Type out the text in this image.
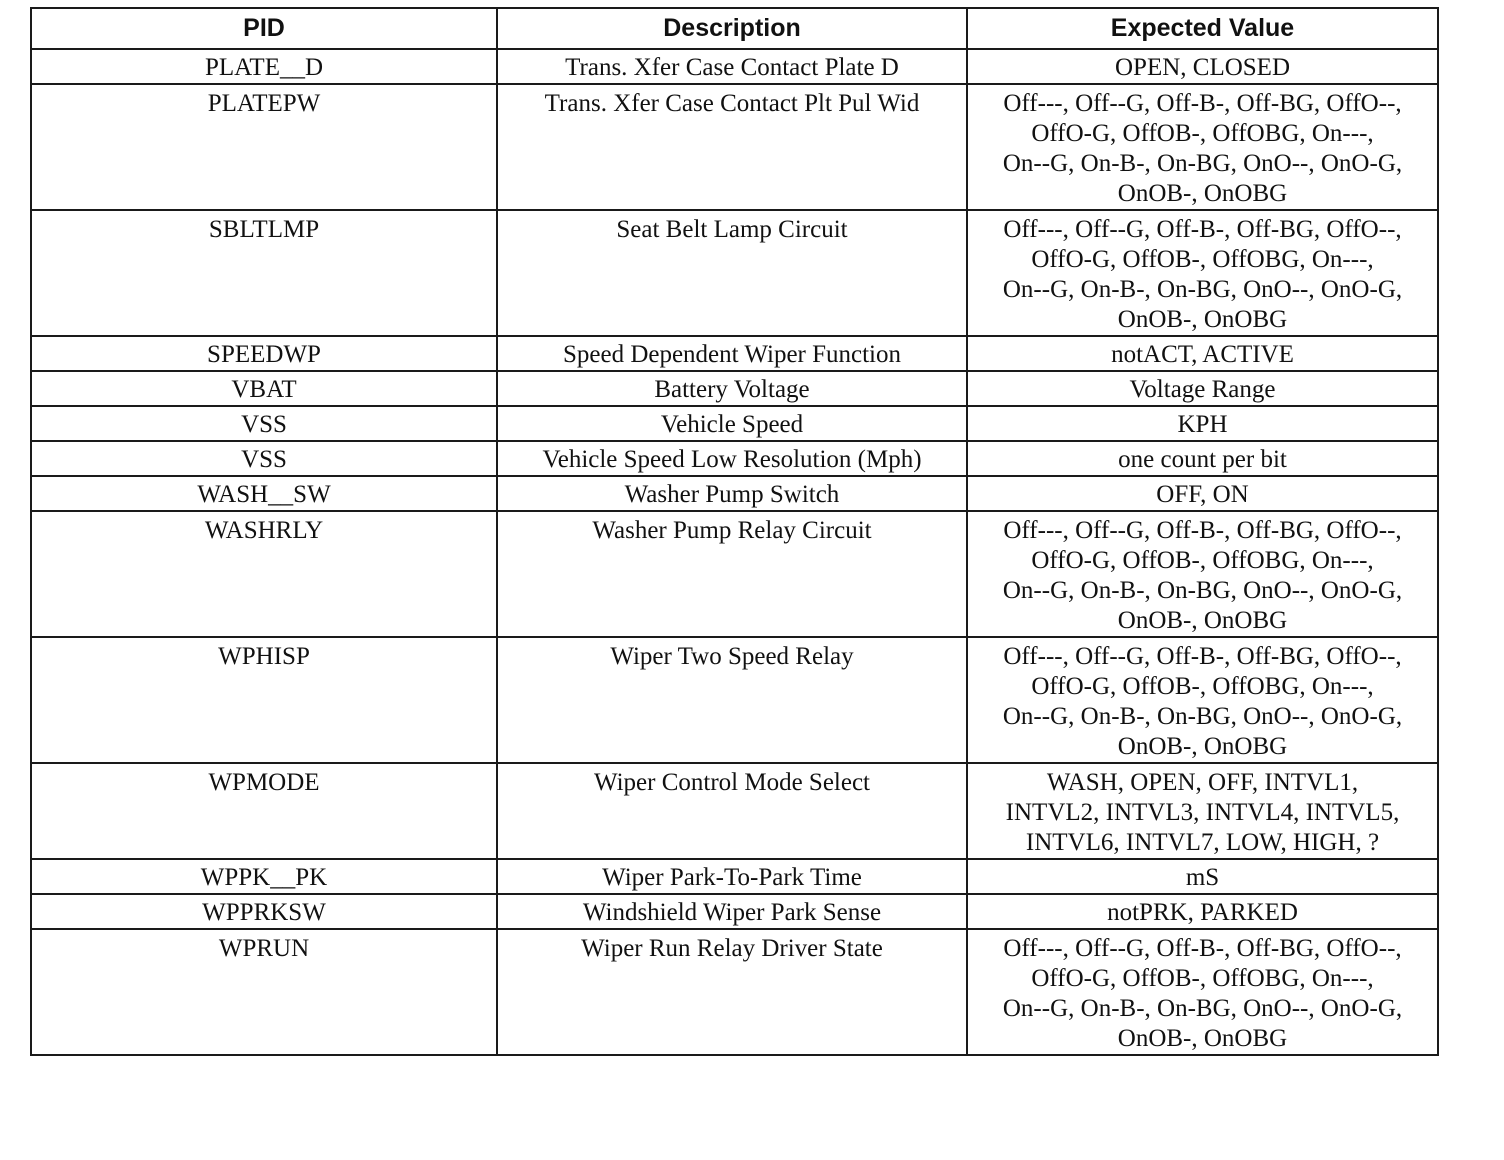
PID	Description	Expected Value
PLATE__D	Trans. Xfer Case Contact Plate D	OPEN, CLOSED

PLATEPW	Trans. Xfer Case Contact Plt Pul Wid	Off---, Off--G, Off-B-, Off-BG, OffO--,
OffO-G, OffOB-, OffOBG, On---,
On--G, On-B-, On-BG, OnO--, OnO-G,
OnOB-, OnOBG

SBLTLMP	Seat Belt Lamp Circuit	Off---, Off--G, Off-B-, Off-BG, OffO--,
OffO-G, OffOB-, OffOBG, On---,
On--G, On-B-, On-BG, OnO--, OnO-G,
OnOB-, OnOBG

SPEEDWP	Speed Dependent Wiper Function	notACT, ACTIVE

VBAT	Battery Voltage	Voltage Range

VSS	Vehicle Speed	KPH

VSS	Vehicle Speed Low Resolution (Mph)	one count per bit

WASH__SW	Washer Pump Switch	OFF, ON

WASHRLY	Washer Pump Relay Circuit	Off---, Off--G, Off-B-, Off-BG, OffO--,
OffO-G, OffOB-, OffOBG, On---,
On--G, On-B-, On-BG, OnO--, OnO-G,
OnOB-, OnOBG

WPHISP	Wiper Two Speed Relay	Off---, Off--G, Off-B-, Off-BG, OffO--,
OffO-G, OffOB-, OffOBG, On---,
On--G, On-B-, On-BG, OnO--, OnO-G,
OnOB-, OnOBG

WPMODE	Wiper Control Mode Select	WASH, OPEN, OFF, INTVL1,
INTVL2, INTVL3, INTVL4, INTVL5,
INTVL6, INTVL7, LOW, HIGH, ?

WPPK__PK	Wiper Park-To-Park Time	mS

WPPRKSW	Windshield Wiper Park Sense	notPRK, PARKED

WPRUN	Wiper Run Relay Driver State	Off---, Off--G, Off-B-, Off-BG, OffO--,
OffO-G, OffOB-, OffOBG, On---,
On--G, On-B-, On-BG, OnO--, OnO-G,
OnOB-, OnOBG
